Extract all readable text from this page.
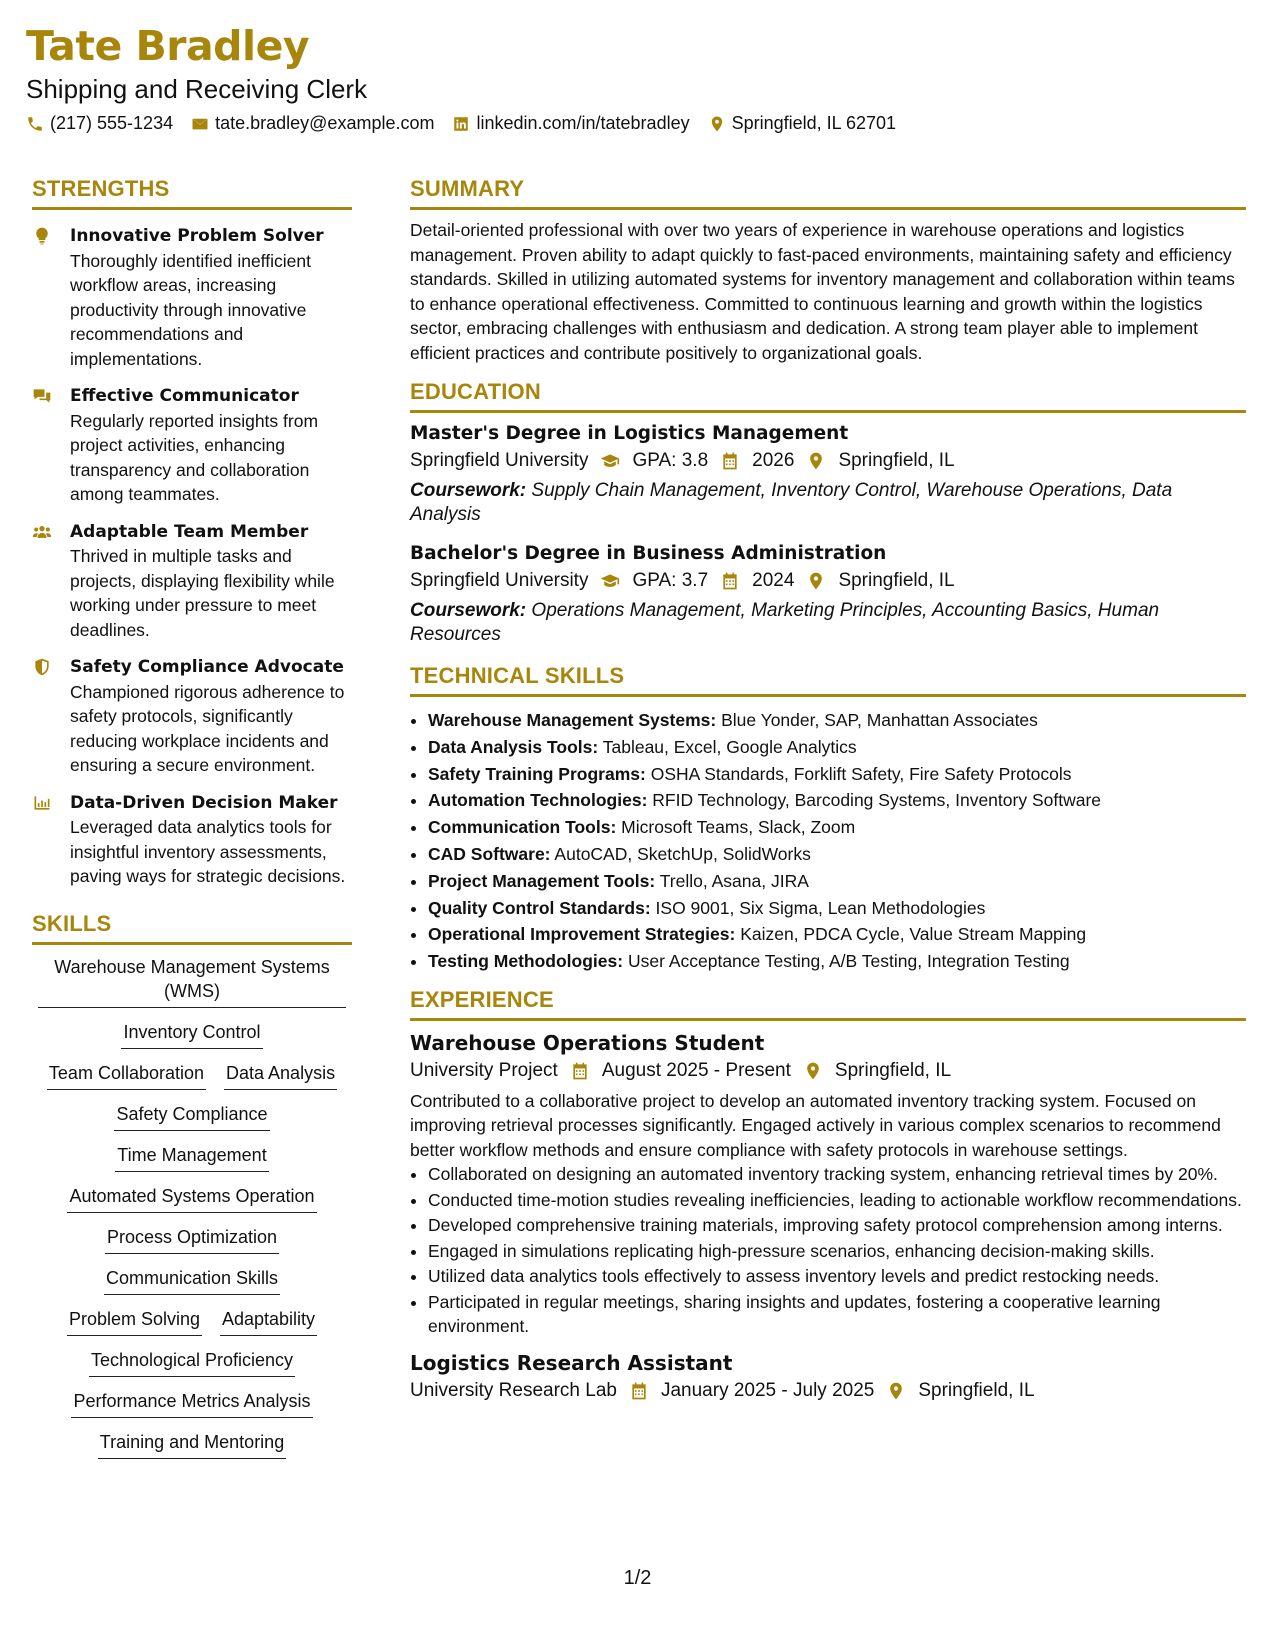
Tate Bradley
Shipping and Receiving Clerk
(217) 555-1234 tate.bradley@example.com linkedin.com/in/tatebradley Springfield, IL 62701
STRENGTHS
Innovative Problem Solver
Thoroughly identified inefficient workflow areas, increasing productivity through innovative recommendations and implementations.
Effective Communicator
Regularly reported insights from project activities, enhancing transparency and collaboration among teammates.
Adaptable Team Member
Thrived in multiple tasks and projects, displaying flexibility while working under pressure to meet deadlines.
Safety Compliance Advocate
Championed rigorous adherence to safety protocols, significantly reducing workplace incidents and ensuring a secure environment.
Data-Driven Decision Maker
Leveraged data analytics tools for insightful inventory assessments, paving ways for strategic decisions.
SKILLS
Warehouse Management Systems (WMS)
Inventory Control
Team Collaboration Data Analysis
Safety Compliance
Time Management
Automated Systems Operation
Process Optimization
Communication Skills
Problem Solving Adaptability
Technological Proficiency
Performance Metrics Analysis
Training and Mentoring
SUMMARY
Detail-oriented professional with over two years of experience in warehouse operations and logistics management. Proven ability to adapt quickly to fast-paced environments, maintaining safety and efficiency standards. Skilled in utilizing automated systems for inventory management and collaboration within teams to enhance operational effectiveness. Committed to continuous learning and growth within the logistics sector, embracing challenges with enthusiasm and dedication. A strong team player able to implement efficient practices and contribute positively to organizational goals.
EDUCATION
Master's Degree in Logistics Management
Springfield University GPA: 3.8 2026 Springfield, IL
Coursework: Supply Chain Management, Inventory Control, Warehouse Operations, Data Analysis
Bachelor's Degree in Business Administration
Springfield University GPA: 3.7 2024 Springfield, IL
Coursework: Operations Management, Marketing Principles, Accounting Basics, Human Resources
TECHNICAL SKILLS
• Warehouse Management Systems: Blue Yonder, SAP, Manhattan Associates
• Data Analysis Tools: Tableau, Excel, Google Analytics
• Safety Training Programs: OSHA Standards, Forklift Safety, Fire Safety Protocols
• Automation Technologies: RFID Technology, Barcoding Systems, Inventory Software
• Communication Tools: Microsoft Teams, Slack, Zoom
• CAD Software: AutoCAD, SketchUp, SolidWorks
• Project Management Tools: Trello, Asana, JIRA
• Quality Control Standards: ISO 9001, Six Sigma, Lean Methodologies
• Operational Improvement Strategies: Kaizen, PDCA Cycle, Value Stream Mapping
• Testing Methodologies: User Acceptance Testing, A/B Testing, Integration Testing
EXPERIENCE
Warehouse Operations Student
University Project August 2025 - Present Springfield, IL
Contributed to a collaborative project to develop an automated inventory tracking system. Focused on improving retrieval processes significantly. Engaged actively in various complex scenarios to recommend better workflow methods and ensure compliance with safety protocols in warehouse settings.
• Collaborated on designing an automated inventory tracking system, enhancing retrieval times by 20%.
• Conducted time-motion studies revealing inefficiencies, leading to actionable workflow recommendations.
• Developed comprehensive training materials, improving safety protocol comprehension among interns.
• Engaged in simulations replicating high-pressure scenarios, enhancing decision-making skills.
• Utilized data analytics tools effectively to assess inventory levels and predict restocking needs.
• Participated in regular meetings, sharing insights and updates, fostering a cooperative learning environment.
Logistics Research Assistant
University Research Lab January 2025 - July 2025 Springfield, IL
1/2
